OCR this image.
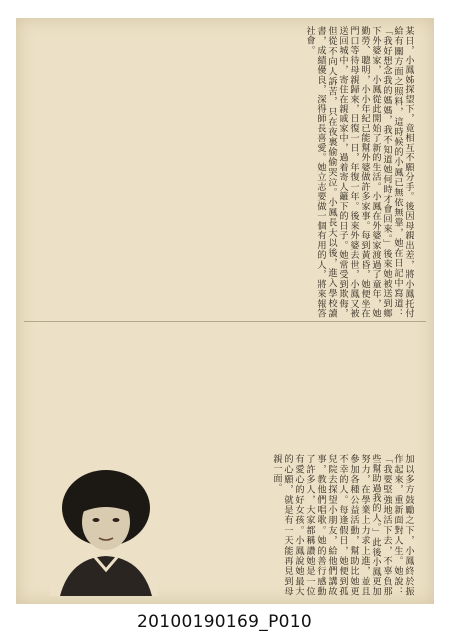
某日，小鳳姊探望下，竟相互不願分手。後因母親出差，將小鳳托付給有關方面之照料，這時候的小鳳已無依無靠，她在日記中寫道：「我好想念我的媽媽，我不知道她何時才會回來。」後來她被送到鄉下外婆家，小鳳從此開始了新的生活。小鳳在外婆家渡過了童年，她勤勞、聰明，小小年紀已能幫外婆做許多家事。每到黃昏，她便坐在門口等待母親歸來，日復一日，年復一年。後來外婆去世，小鳳又被送回城中，寄住在親戚家中，過着寄人籬下的日子。她常受到欺侮，但從不向人訴苦，只在夜裏偷偷哭泣。小鳳長大以後，進入學校讀書，成績優良，深得師長喜愛。她立志要做一個有用的人，將來報答社會。
加以多方鼓勵之下，小鳳終於振作起來，重新面對人生。她說：「我要堅強地活下去，不辜負那些幫助過我的人。」此後小鳳更加努力，在學業上力求上進，並且參加各種公益活動，幫助比她更不幸的人。每逢假日，她便到孤兒院去探望小朋友，給他們講故事，教他們唱歌。她的善行感動了許多人，大家都稱讚她是一位有愛心的好女孩。小鳳說她最大的心願，就是有一天能再見到母親一面。
20100190169_P010
